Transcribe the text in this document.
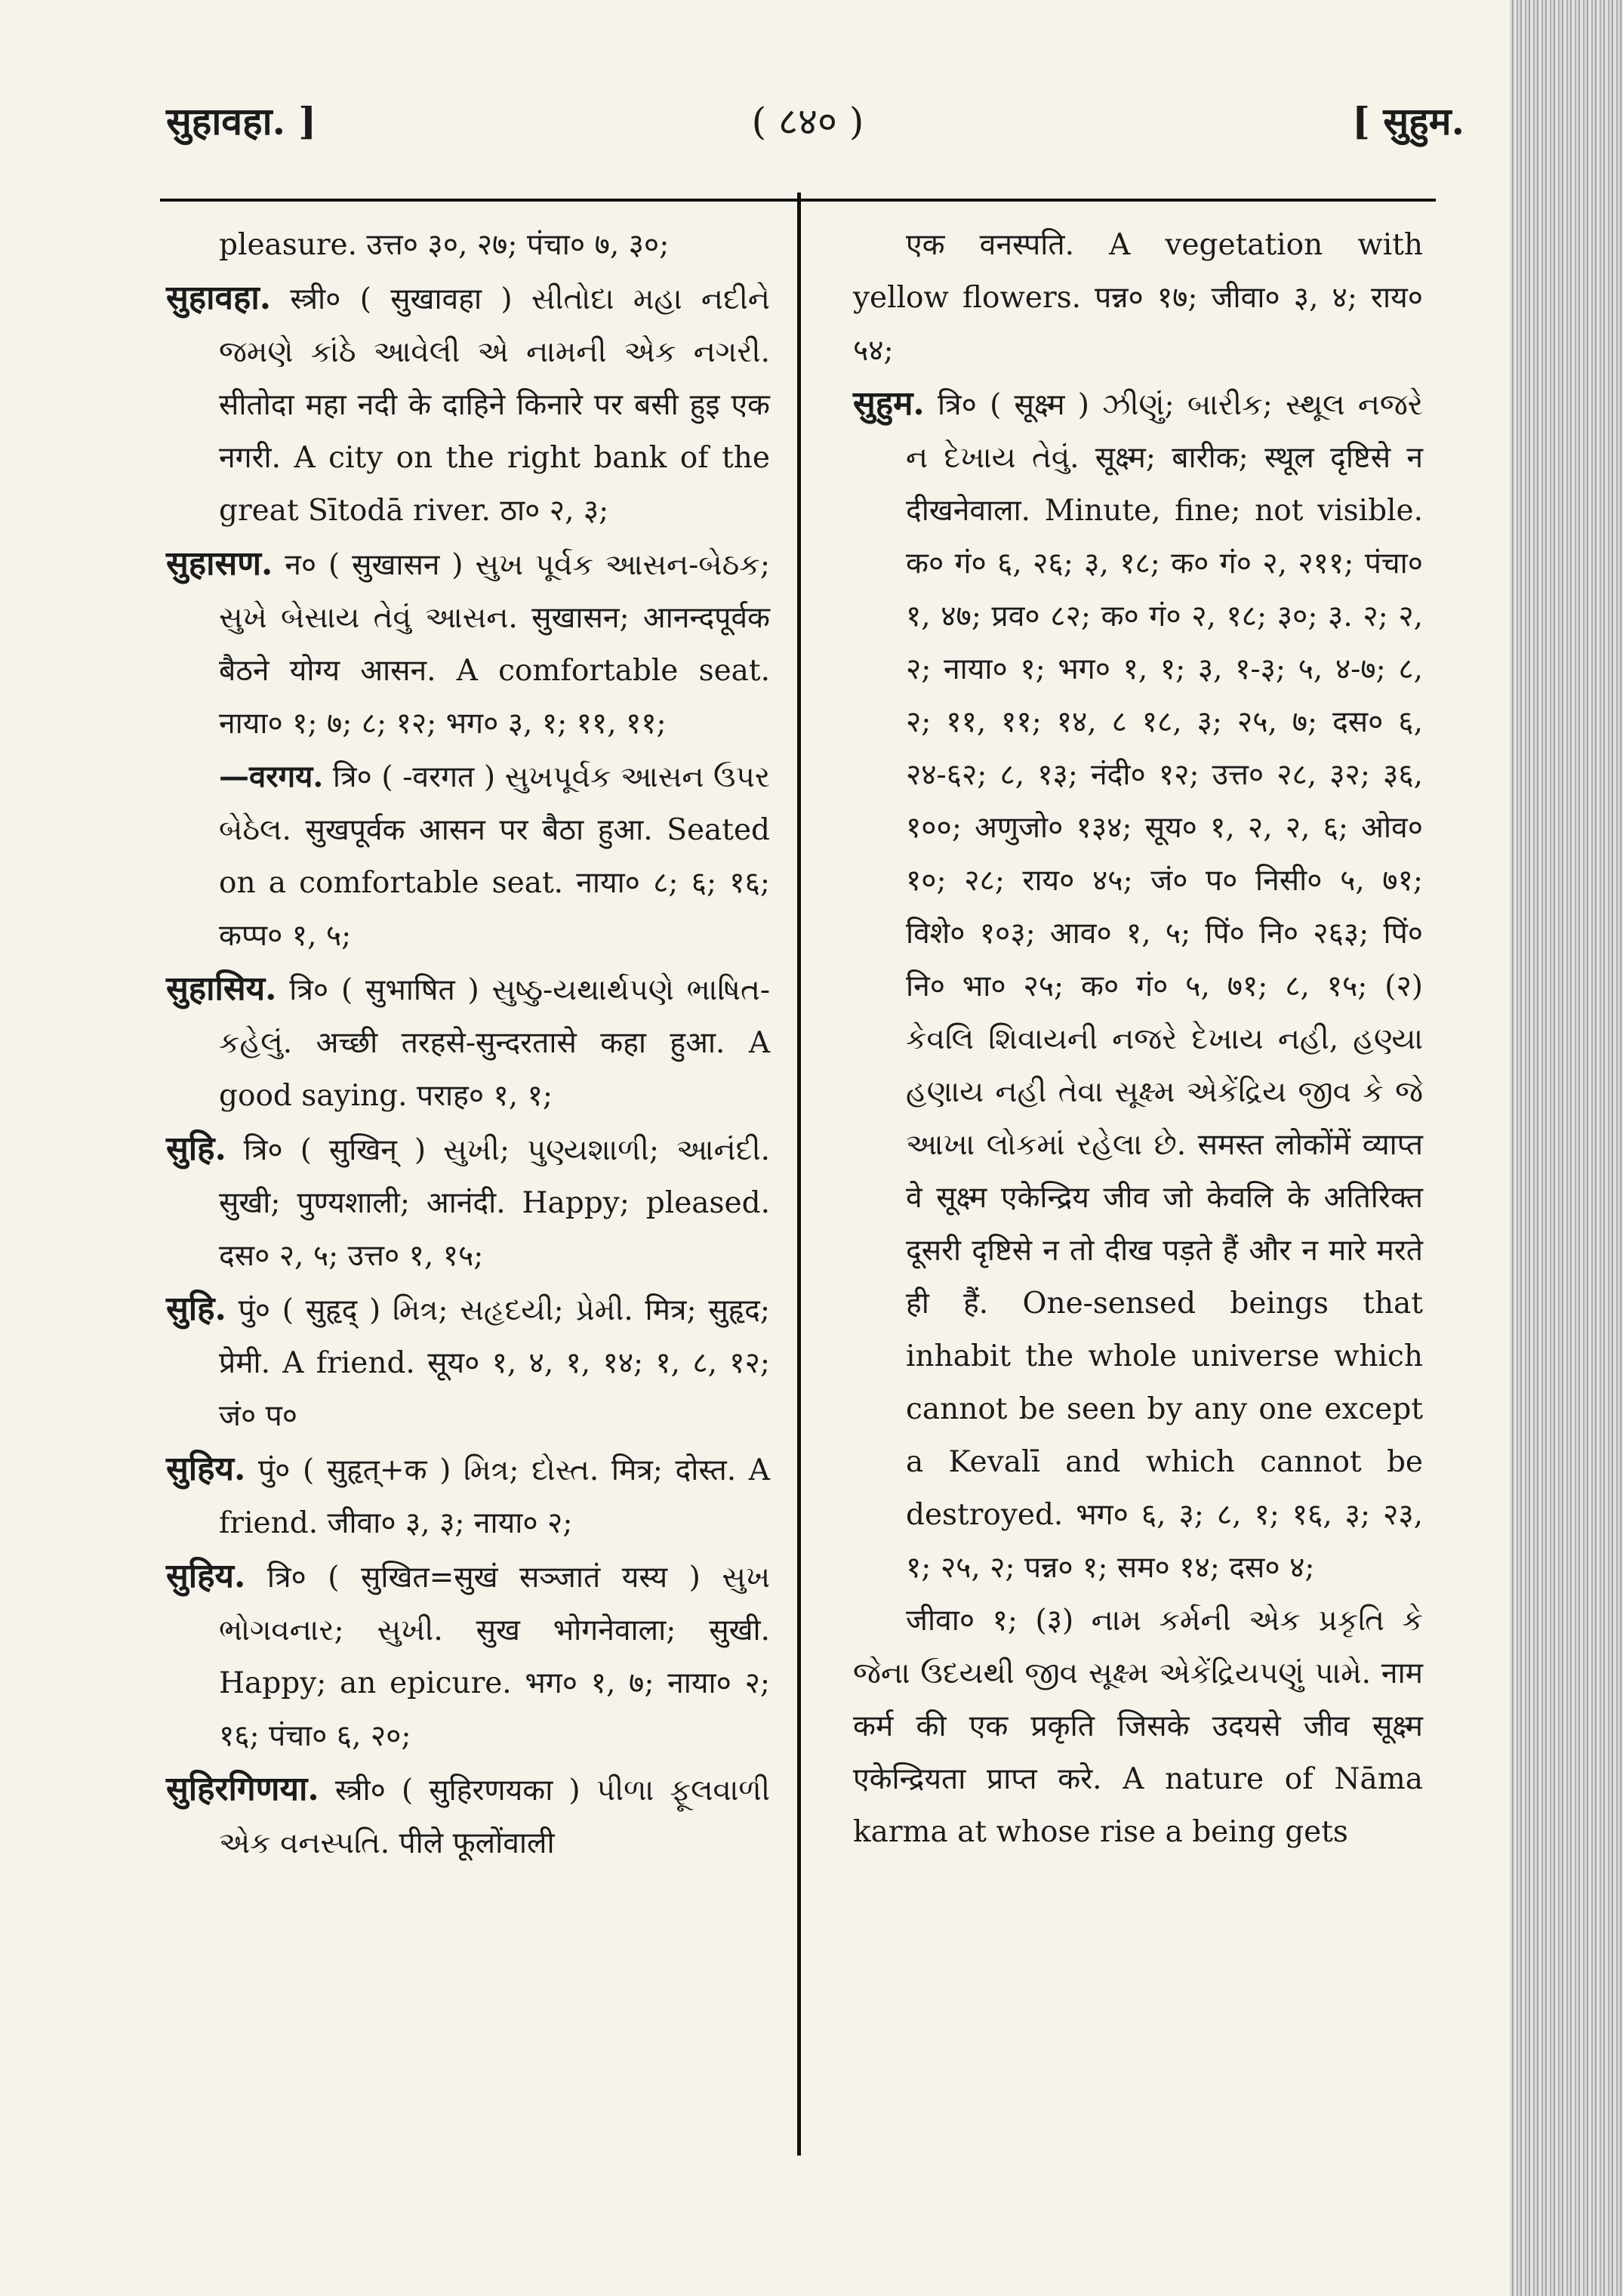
सुहावहा. ]	( ८४० )	[ सुहुम.

pleasure. उत्त० ३०, २७; पंचा० ७, ३०;

सुहावहा. स्त्री० ( सुखावहा ) સીતોદા મહા નદીને જમણે કાંઠે આવેલી એ નામની એક નગરી. सीतोदा महा नदी के दाहिने किनारे पर बसी हुइ एक नगरी. A city on the right bank of the great Sītodā river. ठा० २, ३;

सुहासण. न० ( सुखासन ) સુખ પૂર્વક આસન-બેઠક; સુખે બેસાય તેવું આસન. सुखासन; आनन्दपूर्वक बैठने योग्य आसन. A comfortable seat. नाया० १; ७; ८; १२; भग० ३, १; ११, ११;

—वरगय. त्रि० ( -वरगत ) સુખપૂર્વક આસન ઉપર બેઠેલ. सुखपूर्वक आसन पर बैठा हुआ. Seated on a comfortable seat. नाया० ८; ६; १६; कप्प० १, ५;

सुहासिय. त्रि० ( सुभाषित ) સુષ્ઠુ-યથાર્થપણે ભાષિત-કહેલું. अच्छी तरहसे-सुन्दरतासे कहा हुआ. A good saying. पराह० १, १;

सुहि. त्रि० ( सुखिन् ) સુખી; પુણ્યશાળી; આનંદી. सुखी; पुण्यशाली; आनंदी. Happy; pleased. दस० २, ५; उत्त० १, १५;

सुहि. पुं० ( सुहृद् ) મિત્ર; સહૃદયી; પ્રેમી. मित्र; सुहृद; प्रेमी. A friend. सूय० १, ४, १, १४; १, ८, १२; जं० प०

सुहिय. पुं० ( सुहृत्+क ) મિત્ર; દોસ્ત. मित्र; दोस्त. A friend. जीवा० ३, ३; नाया० २;

सुहिय. त्रि० ( सुखित=सुखं सञ्जातं यस्य ) સુખ ભોગવનાર; સુખી. सुख भोगनेवाला; सुखी. Happy; an epicure. भग० १, ७; नाया० २; १६; पंचा० ६, २०;

सुहिरगिणया. स्त्री० ( सुहिरणयका ) પીળા ફૂલવાળી એક વનસ્પતિ. पीले फूलोंवाली

एक वनस्पति. A vegetation with yellow flowers. पन्न० १७; जीवा० ३, ४; राय० ५४;

सुहुम. त्रि० ( सूक्ष्म ) ઝીણું; બારીક; સ્થૂલ નજરે ન દેખાય તેવું. सूक्ष्म; बारीक; स्थूल दृष्टिसे न दीखनेवाला. Minute, fine; not visible. क० गं० ६, २६; ३, १८; क० गं० २, २११; पंचा० १, ४७; प्रव० ८२; क० गं० २, १८; ३०; ३. २; २, २; नाया० १; भग० १, १; ३, १-३; ५, ४-७; ८, २; ११, ११; १४, ८ १८, ३; २५, ७; दस० ६, २४-६२; ८, १३; नंदी० १२; उत्त० २८, ३२; ३६, १००; अणुजो० १३४; सूय० १, २, २, ६; ओव० १०; २८; राय० ४५; जं० प० निसी० ५, ७१; विशे० १०३; आव० १, ५; पिं० नि० २६३; पिं० नि० भा० २५; क० गं० ५, ७१; ८, १५; (२) કેવલિ શિવાયની નજરે દેખાય નહી, હણ્યા હણાય નહી તેવા સૂક્ષ્મ એકેંદ્રિય જીવ કે જે આખા લોકમાં રહેલા છે. समस्त लोकोंमें व्याप्त वे सूक्ष्म एकेन्द्रिय जीव जो केवलि के अतिरिक्त दूसरी दृष्टिसे न तो दीख पड़ते हैं और न मारे मरते ही हैं. One-sensed beings that inhabit the whole universe which cannot be seen by any one except a Kevalī and which cannot be destroyed. भग० ६, ३; ८, १; १६, ३; २३, १; २५, २; पन्न० १; सम० १४; दस० ४;

जीवा० १; (३) નામ કર્મની એક પ્રકૃતિ કે જેના ઉદયથી જીવ સૂક્ષ્મ એકેંદ્રિયપણું પામે. नाम कर्म की एक प्रकृति जिसके उदयसे जीव सूक्ष्म एकेन्द्रियता प्राप्त करे. A nature of Nāma karma at whose rise a being gets
